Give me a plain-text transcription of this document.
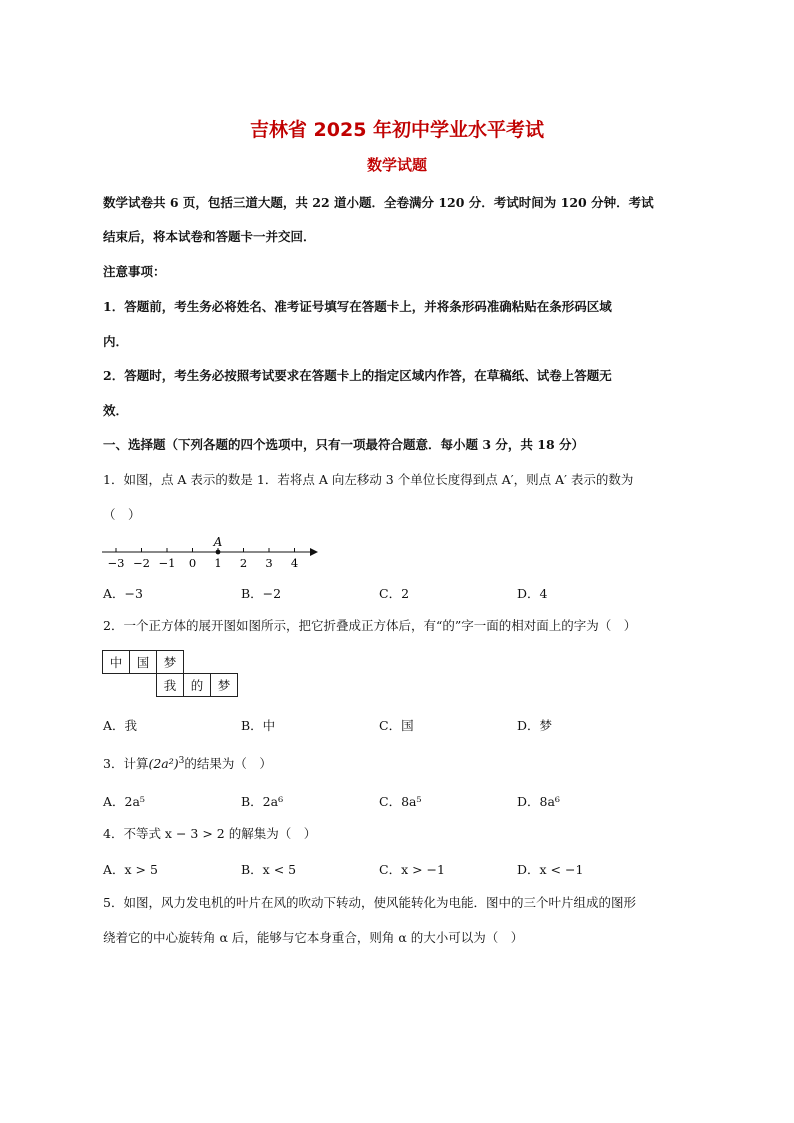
吉林省 2025 年初中学业水平考试
数学试题
数学试卷共 6 页，包括三道大题，共 22 道小题．全卷满分 120 分．考试时间为 120 分钟．考试
结束后，将本试卷和答题卡一并交回．
注意事项：
1．答题前，考生务必将姓名、准考证号填写在答题卡上，并将条形码准确粘贴在条形码区域
内．
2．答题时，考生务必按照考试要求在答题卡上的指定区域内作答，在草稿纸、试卷上答题无
效．
一、选择题（下列各题的四个选项中，只有一项最符合题意．每小题 3 分，共 18 分）
1．如图，点 A 表示的数是 1．若将点 A 向左移动 3 个单位长度得到点 A′，则点 A′ 表示的数为
（　）
−3 −2 −1 0 1 2 3 4
A
A．−3	B．−2	C．2	D．4
2．一个正方体的展开图如图所示，把它折叠成正方体后，有“的”字一面的相对面上的字为（　）
中	国	梦		
		我	的	梦
A．我	B．中	C．国	D．梦
3．计算$(2a^2)^3$的结果为（　）
A．2a⁵	B．2a⁶	C．8a⁵	D．8a⁶
4．不等式 x − 3 > 2 的解集为（　）
A．x > 5	B．x < 5	C．x > −1	D．x < −1
5．如图，风力发电机的叶片在风的吹动下转动，使风能转化为电能．图中的三个叶片组成的图形
绕着它的中心旋转角 α 后，能够与它本身重合，则角 α 的大小可以为（　）
